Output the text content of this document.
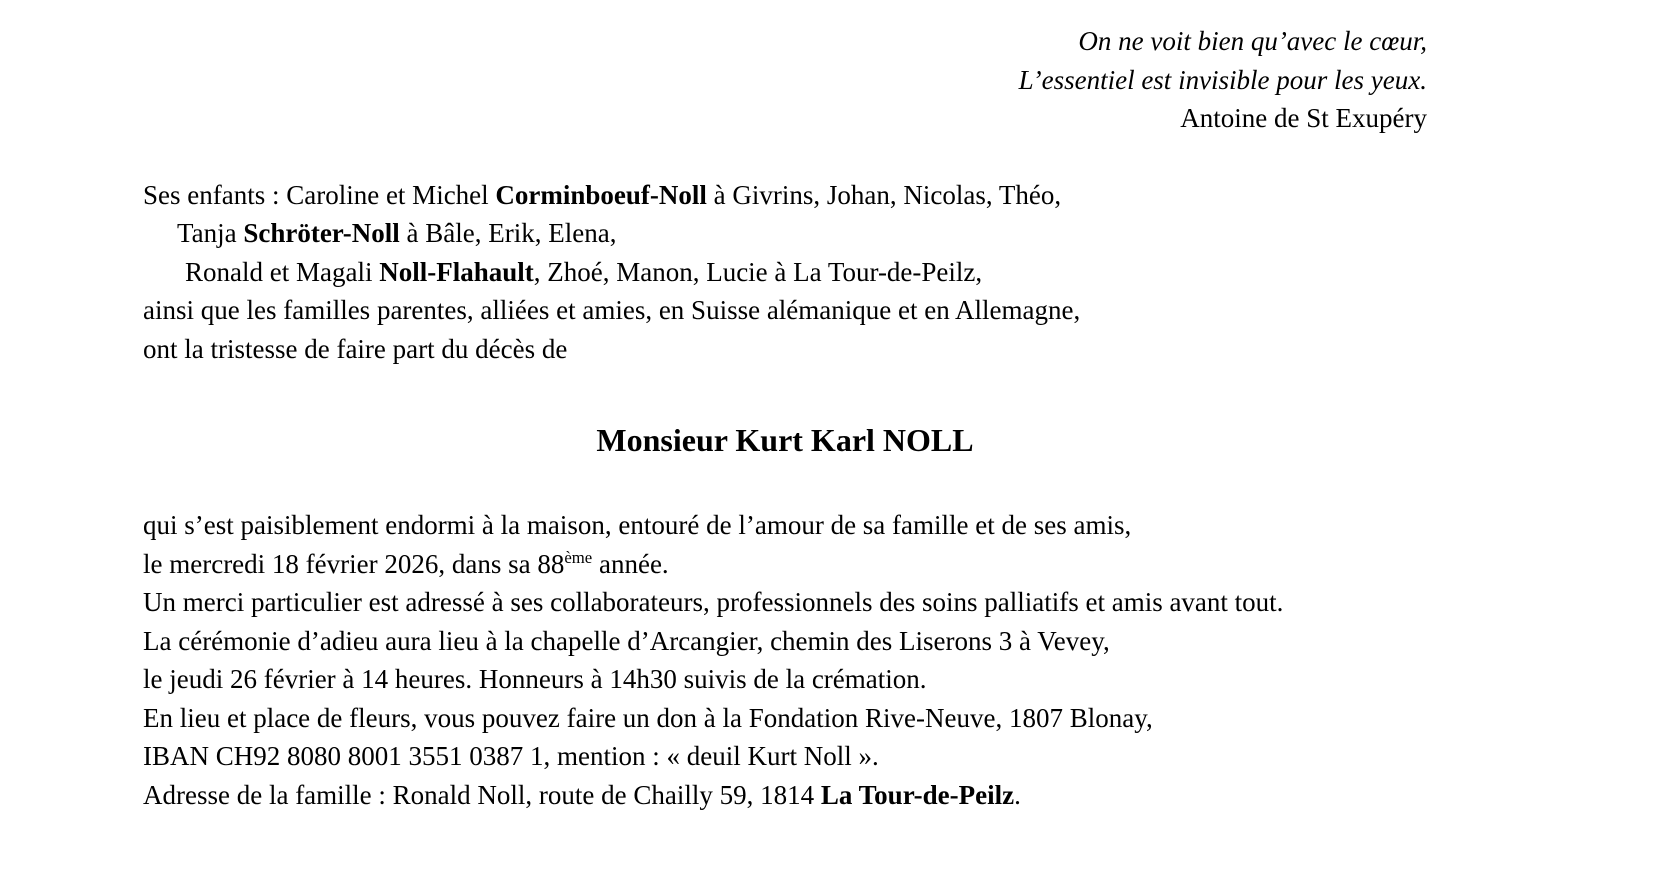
On ne voit bien qu’avec le cœur,
L’essentiel est invisible pour les yeux.
Antoine de St Exupéry
Ses enfants : Caroline et Michel Corminboeuf-Noll à Givrins, Johan, Nicolas, Théo,
Tanja Schröter-Noll à Bâle, Erik, Elena,
Ronald et Magali Noll-Flahault, Zhoé, Manon, Lucie à La Tour-de-Peilz,
ainsi que les familles parentes, alliées et amies, en Suisse alémanique et en Allemagne,
ont la tristesse de faire part du décès de
Monsieur Kurt Karl NOLL
qui s’est paisiblement endormi à la maison, entouré de l’amour de sa famille et de ses amis,
le mercredi 18 février 2026, dans sa 88ème année.
Un merci particulier est adressé à ses collaborateurs, professionnels des soins palliatifs et amis avant tout.
La cérémonie d’adieu aura lieu à la chapelle d’Arcangier, chemin des Liserons 3 à Vevey,
le jeudi 26 février à 14 heures. Honneurs à 14h30 suivis de la crémation.
En lieu et place de fleurs, vous pouvez faire un don à la Fondation Rive-Neuve, 1807 Blonay,
IBAN CH92 8080 8001 3551 0387 1, mention : « deuil Kurt Noll ».
Adresse de la famille : Ronald Noll, route de Chailly 59, 1814 La Tour-de-Peilz.
